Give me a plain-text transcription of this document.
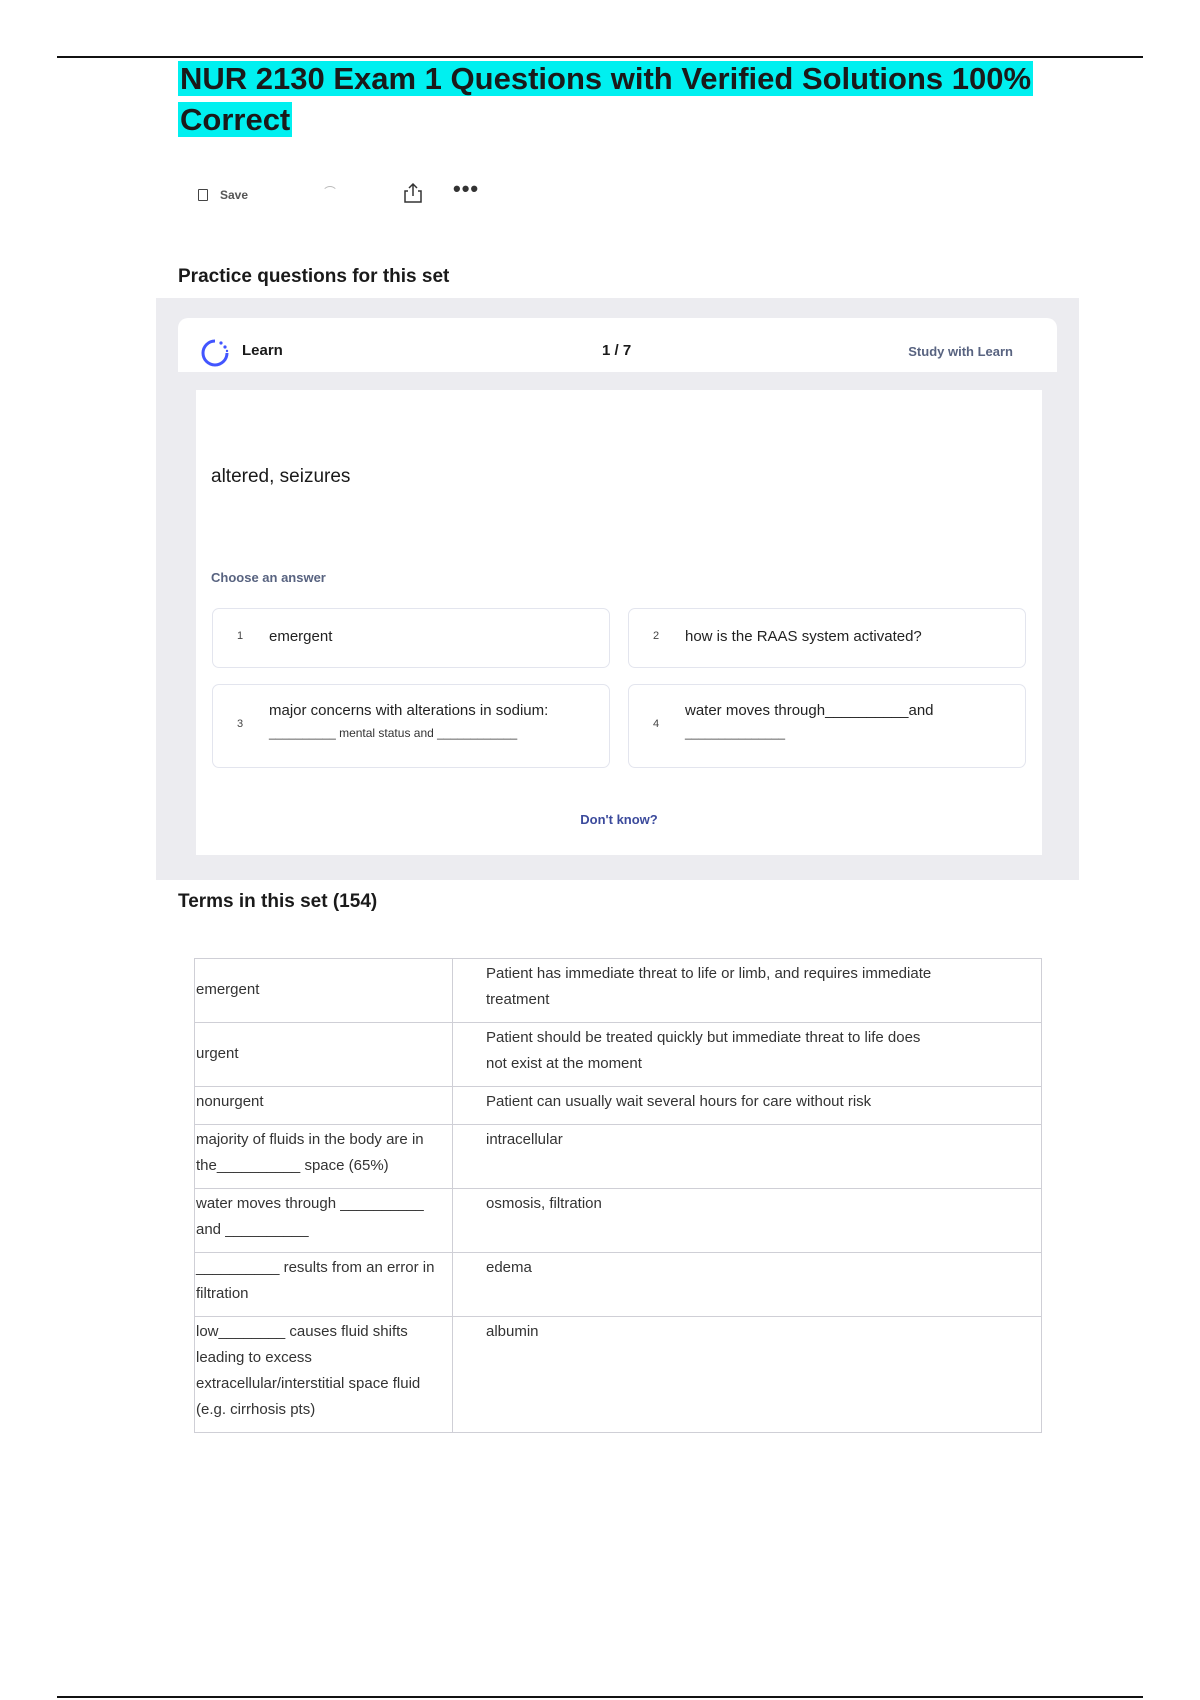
NUR 2130 Exam 1 Questions with Verified Solutions 100% Correct
Save	•••
Practice questions for this set
Learn	1 / 7	Study with Learn
altered, seizures
Choose an answer
1 emergent	2 how is the RAAS system activated?
3
major concerns with alterations in sodium:
__________ mental status and ____________
4
water moves through__________and
_______________
Don't know?
Terms in this set (154)
emergent	Patient has immediate threat to life or limb, and requires immediate treatment
urgent	Patient should be treated quickly but immediate threat to life does not exist at the moment
nonurgent	Patient can usually wait several hours for care without risk
majority of fluids in the body are in the__________ space (65%)	intracellular
water moves through __________ and __________	osmosis, filtration
__________ results from an error in filtration	edema
low________ causes fluid shifts leading to excess extracellular/interstitial space fluid (e.g. cirrhosis pts)	albumin
